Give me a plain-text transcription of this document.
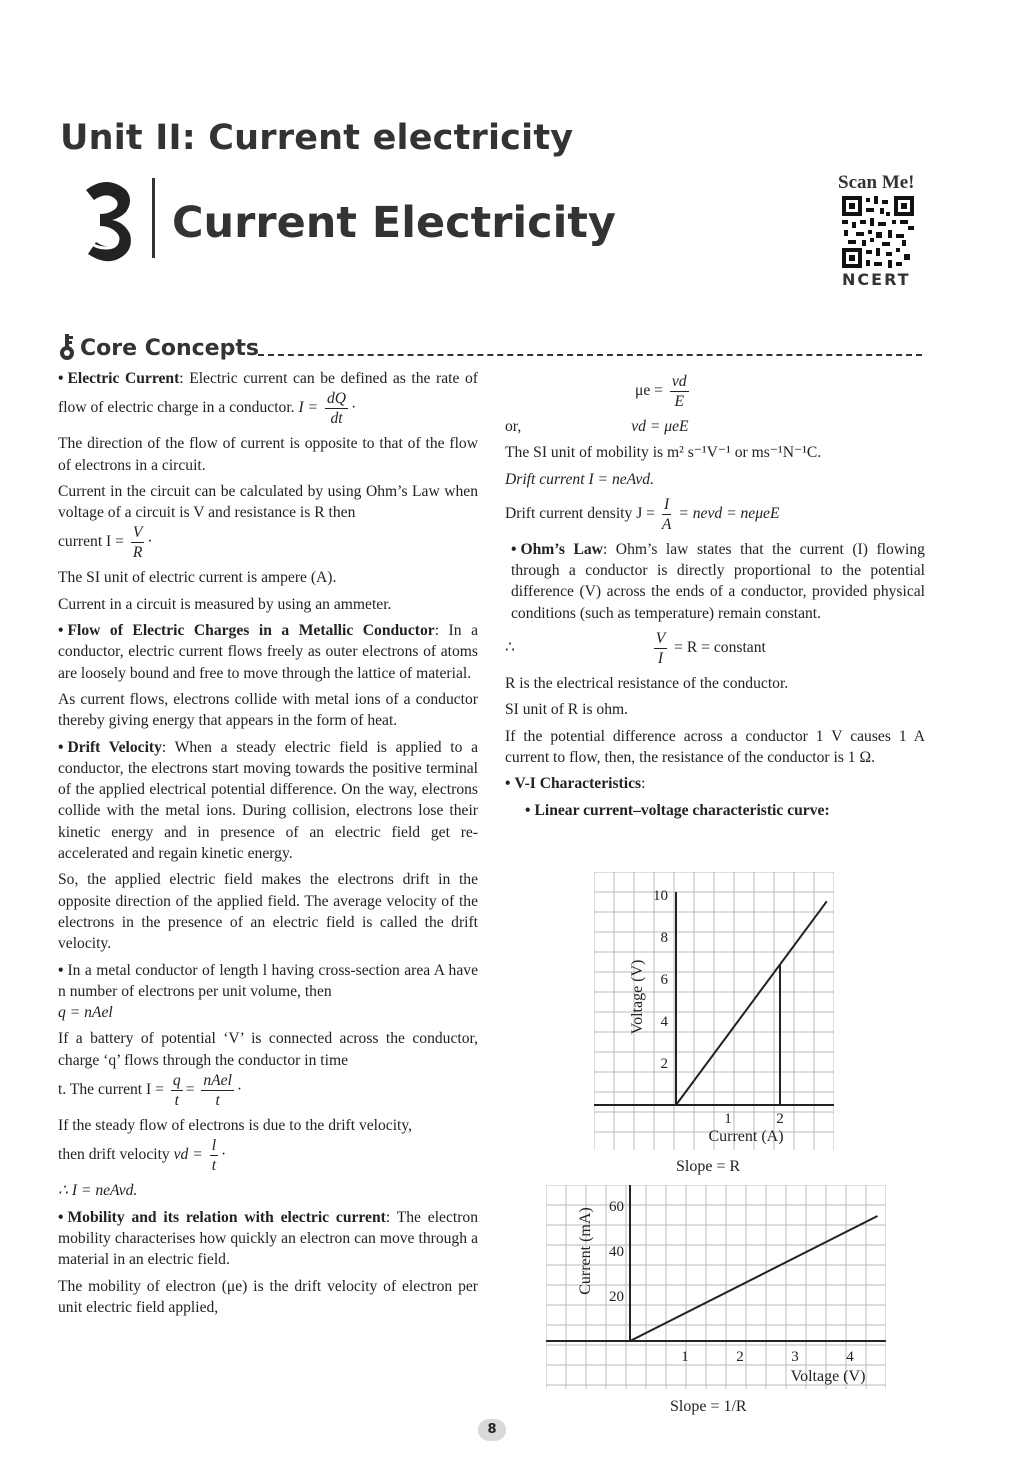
Unit II: Current electricity
Current Electricity
Scan Me!
NCERT
Core Concepts

• Electric Current: Electric current can be defined as the rate of flow of electric charge in a conductor. $I = \frac{dQ}{dt}$ ·

The direction of the flow of current is opposite to that of the flow of electrons in a circuit.

Current in the circuit can be calculated by using Ohm’s Law when voltage of a circuit is V and resistance is R then
current $I = \frac{V}{R}$ ·

The SI unit of electric current is ampere (A).

Current in a circuit is measured by using an ammeter.

• Flow of Electric Charges in a Metallic Conductor: In a conductor, electric current flows freely as outer electrons of atoms are loosely bound and free to move through the lattice of material.

As current flows, electrons collide with metal ions of a conductor thereby giving energy that appears in the form of heat.

• Drift Velocity: When a steady electric field is applied to a conductor, the electrons start moving towards the positive terminal of the applied electrical potential difference. On the way, electrons collide with the metal ions. During collision, electrons lose their kinetic energy and in presence of an electric field get re-accelerated and regain kinetic energy.

So, the applied electric field makes the electrons drift in the opposite direction of the applied field. The average velocity of the electrons in the presence of an electric field is called the drift velocity.

• In a metal conductor of length l having cross-section area A have n number of electrons per unit volume, then
q = nAel

If a battery of potential ‘V’ is connected across the conductor, charge ‘q’ flows through the conductor in time
t. The current $I = \frac{q}{t} = \frac{\text{nAel}}{t}$ ·

If the steady flow of electrons is due to the drift velocity,
then drift velocity vd = $\frac{l}{t}$ ·

∴ I = neAvd.

• Mobility and its relation with electric current: The electron mobility characterises how quickly an electron can move through a material in an electric field.

The mobility of electron (μe) is the drift velocity of electron per unit electric field applied,

$\mu e = \frac{vd}{E}$

or,	vd = μeE

The SI unit of mobility is m² s⁻¹V⁻¹ or ms⁻¹N⁻¹C.

Drift current I = neAvd.

Drift current density $J = \frac{I}{A}$ = nevd = neμeE

• Ohm’s Law: Ohm’s law states that the current (I) flowing through a conductor is directly proportional to the potential difference (V) across the ends of a conductor, provided physical conditions (such as temperature) remain constant.

∴	$\frac{V}{I} = R$ = constant

R is the electrical resistance of the conductor.

SI unit of R is ohm.

If the potential difference across a conductor 1 V causes 1 A current to flow, then, the resistance of the conductor is 1 Ω.

• V-I Characteristics:

• Linear current–voltage characteristic curve:

2
4
6
8
10
1	2
Current (A)
Voltage (V)
Slope = R
20
40
60
1	2	3	4
Voltage (V)
Current (mA)
Slope = 1/R
8
